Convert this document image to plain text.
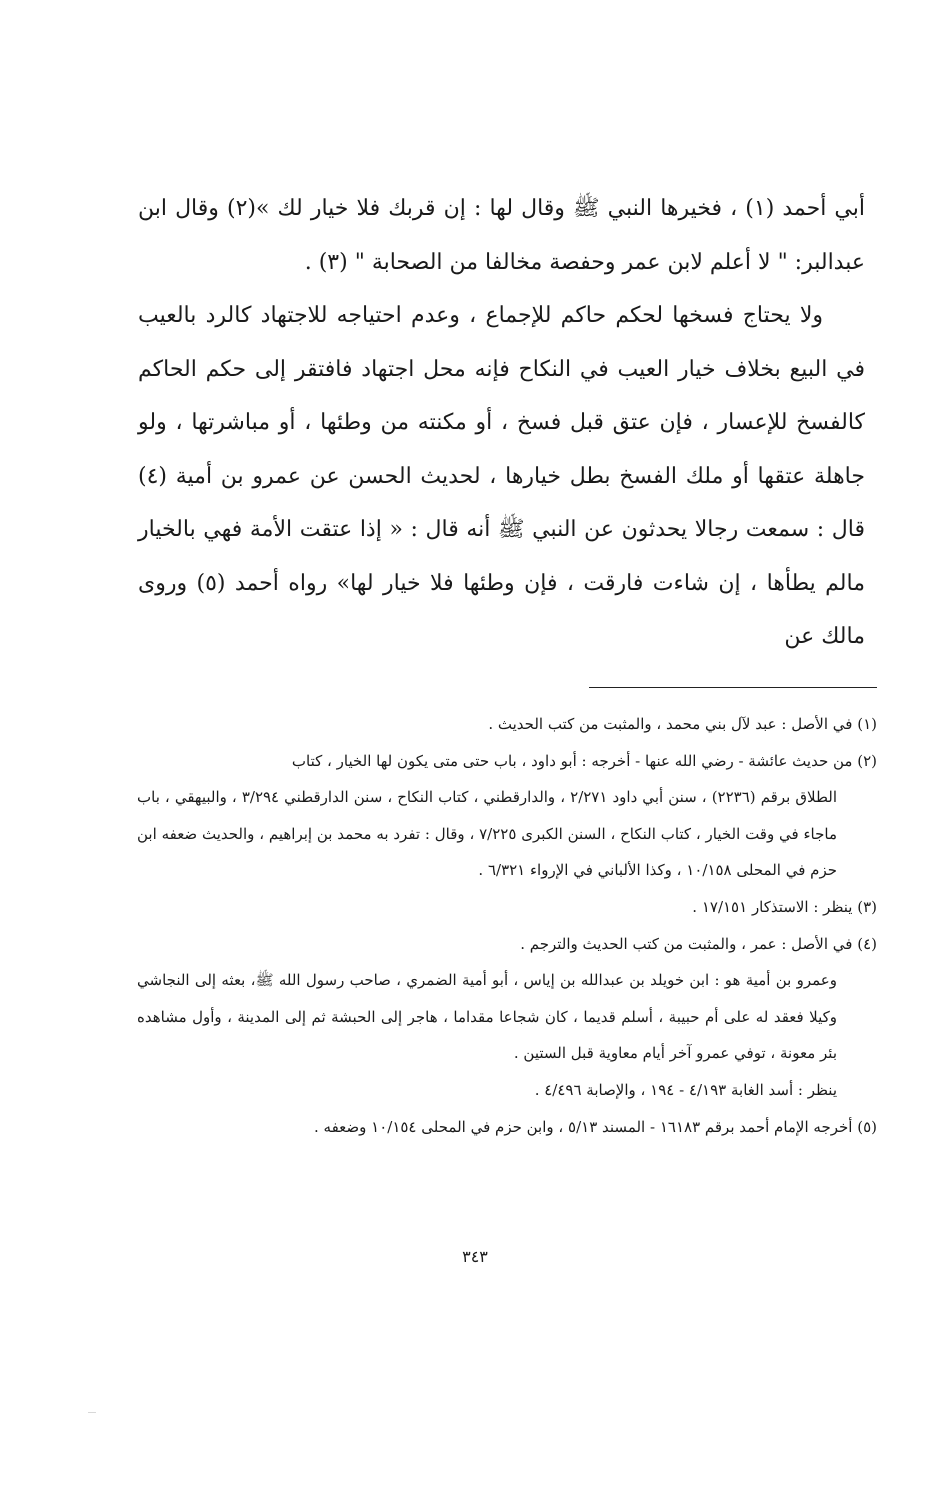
أبي أحمد (١) ، فخيرها النبي ﷺ وقال لها : إن قربك فلا خيار لك »(٢) وقال ابن عبدالبر: " لا أعلم لابن عمر وحفصة مخالفا من الصحابة " (٣) .

ولا يحتاج فسخها لحكم حاكم للإجماع ، وعدم احتياجه للاجتهاد كالرد بالعيب في البيع بخلاف خيار العيب في النكاح فإنه محل اجتهاد فافتقر إلى حكم الحاكم كالفسخ للإعسار ، فإن عتق قبل فسخ ، أو مكنته من وطئها ، أو مباشرتها ، ولو جاهلة عتقها أو ملك الفسخ بطل خيارها ، لحديث الحسن عن عمرو بن أمية (٤) قال : سمعت رجالا يحدثون عن النبي ﷺ أنه قال : « إذا عتقت الأمة فهي بالخيار مالم يطأها ، إن شاءت فارقت ، فإن وطئها فلا خيار لها» رواه أحمد (٥) وروى مالك عن

(١) في الأصل : عبد لآل بني محمد ، والمثبت من كتب الحديث .

(٢) من حديث عائشة - رضي الله عنها - أخرجه : أبو داود ، باب حتى متى يكون لها الخيار ، كتاب
الطلاق برقم (٢٢٣٦) ، سنن أبي داود ٢/٢٧١ ، والدارقطني ، كتاب النكاح ، سنن الدارقطني ٣/٢٩٤ ، والبيهقي ، باب ماجاء في وقت الخيار ، كتاب النكاح ، السنن الكبرى ٧/٢٢٥ ، وقال : تفرد به محمد بن إبراهيم ، والحديث ضعفه ابن حزم في المحلى ١٠/١٥٨ ، وكذا الألباني في الإرواء ٦/٣٢١ .

(٣) ينظر : الاستذكار ١٧/١٥١ .

(٤) في الأصل : عمر ، والمثبت من كتب الحديث والترجم .

وعمرو بن أمية هو : ابن خويلد بن عبدالله بن إياس ، أبو أمية الضمري ، صاحب رسول الله ﷺ، بعثه إلى النجاشي وكيلا فعقد له على أم حبيبة ، أسلم قديما ، كان شجاعا مقداما ، هاجر إلى الحبشة ثم إلى المدينة ، وأول مشاهده بئر معونة ، توفي عمرو آخر أيام معاوية قبل الستين .

ينظر : أسد الغابة ٤/١٩٣ - ١٩٤ ، والإصابة ٤/٤٩٦ .

(٥) أخرجه الإمام أحمد برقم ١٦١٨٣ - المسند ٥/١٣ ، وابن حزم في المحلى ١٠/١٥٤ وضعفه .

٣٤٣
